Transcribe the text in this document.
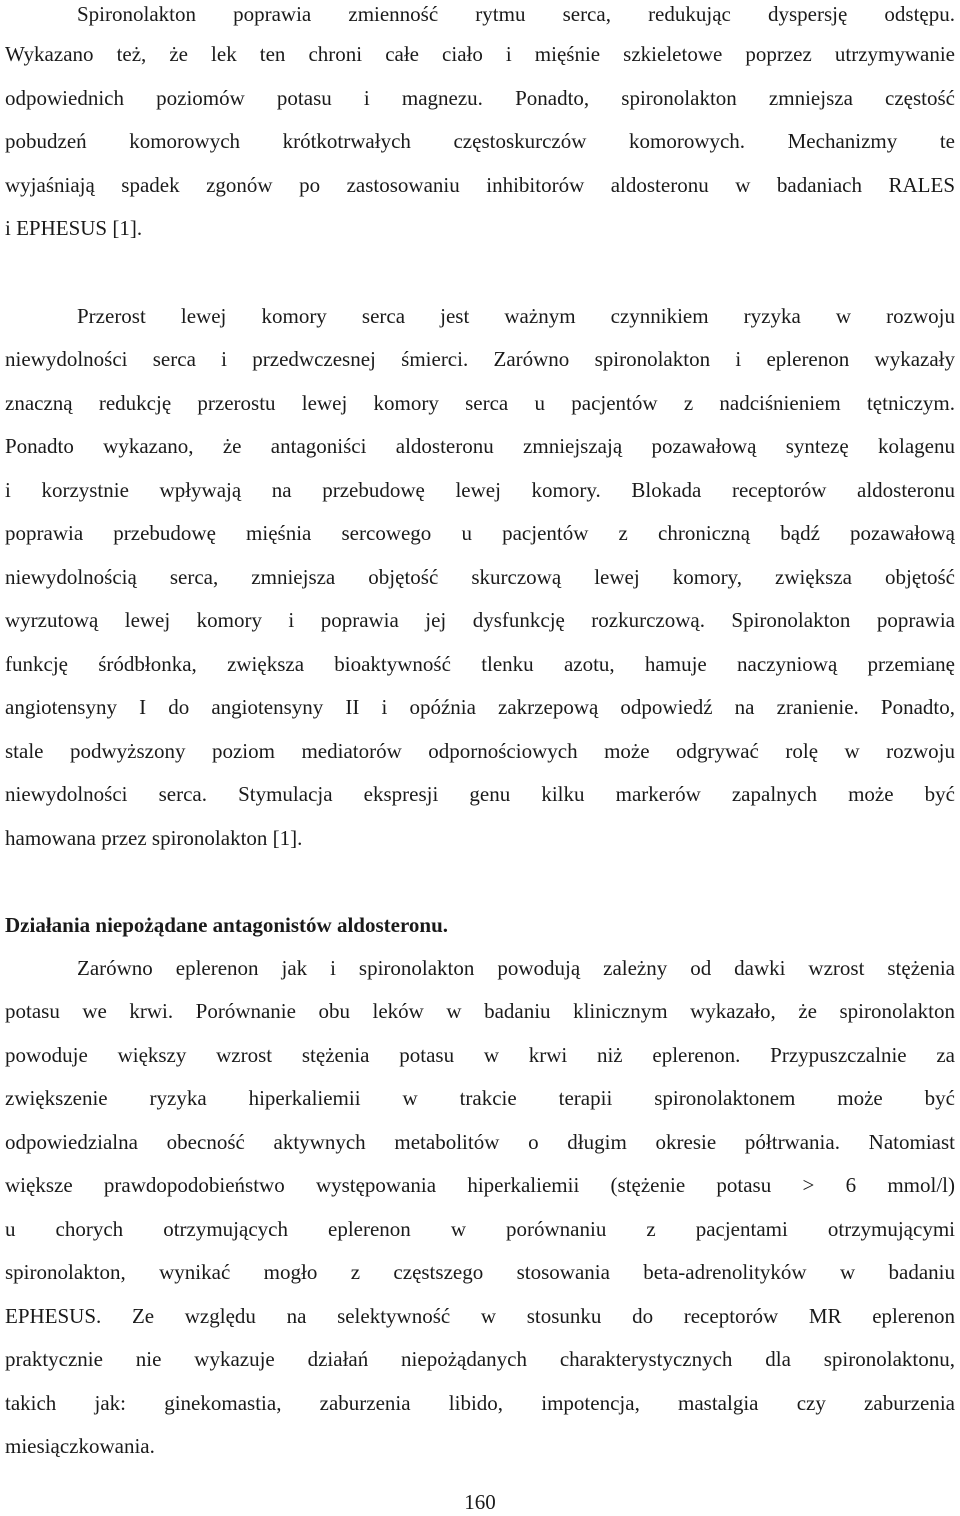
Spironolakton poprawia zmienność rytmu serca, redukując dyspersję odstępu.
Wykazano też, że lek ten chroni całe ciało i mięśnie szkieletowe poprzez utrzymywanie
odpowiednich poziomów potasu i magnezu. Ponadto, spironolakton zmniejsza częstość
pobudzeń komorowych krótkotrwałych częstoskurczów komorowych. Mechanizmy te
wyjaśniają spadek zgonów po zastosowaniu inhibitorów aldosteronu w badaniach RALES
i EPHESUS [1].
Przerost lewej komory serca jest ważnym czynnikiem ryzyka w rozwoju
niewydolności serca i przedwczesnej śmierci. Zarówno spironolakton i eplerenon wykazały
znaczną redukcję przerostu lewej komory serca u pacjentów z nadciśnieniem tętniczym.
Ponadto wykazano, że antagoniści aldosteronu zmniejszają pozawałową syntezę kolagenu
i korzystnie wpływają na przebudowę lewej komory. Blokada receptorów aldosteronu
poprawia przebudowę mięśnia sercowego u pacjentów z chroniczną bądź pozawałową
niewydolnością serca, zmniejsza objętość skurczową lewej komory, zwiększa objętość
wyrzutową lewej komory i poprawia jej dysfunkcję rozkurczową. Spironolakton poprawia
funkcję śródbłonka, zwiększa bioaktywność tlenku azotu, hamuje naczyniową przemianę
angiotensyny I do angiotensyny II i opóźnia zakrzepową odpowiedź na zranienie. Ponadto,
stale podwyższony poziom mediatorów odpornościowych może odgrywać rolę w rozwoju
niewydolności serca. Stymulacja ekspresji genu kilku markerów zapalnych może być
hamowana przez spironolakton [1].
Działania niepożądane antagonistów aldosteronu.
Zarówno eplerenon jak i spironolakton powodują zależny od dawki wzrost stężenia
potasu we krwi. Porównanie obu leków w badaniu klinicznym wykazało, że spironolakton
powoduje większy wzrost stężenia potasu w krwi niż eplerenon. Przypuszczalnie za
zwiększenie ryzyka hiperkaliemii w trakcie terapii spironolaktonem może być
odpowiedzialna obecność aktywnych metabolitów o długim okresie półtrwania. Natomiast
większe prawdopodobieństwo występowania hiperkaliemii (stężenie potasu > 6 mmol/l)
u chorych otrzymujących eplerenon w porównaniu z pacjentami otrzymującymi
spironolakton, wynikać mogło z częstszego stosowania beta-adrenolityków w badaniu
EPHESUS. Ze względu na selektywność w stosunku do receptorów MR eplerenon
praktycznie nie wykazuje działań niepożądanych charakterystycznych dla spironolaktonu,
takich jak: ginekomastia, zaburzenia libido, impotencja, mastalgia czy zaburzenia
miesiączkowania.
160
